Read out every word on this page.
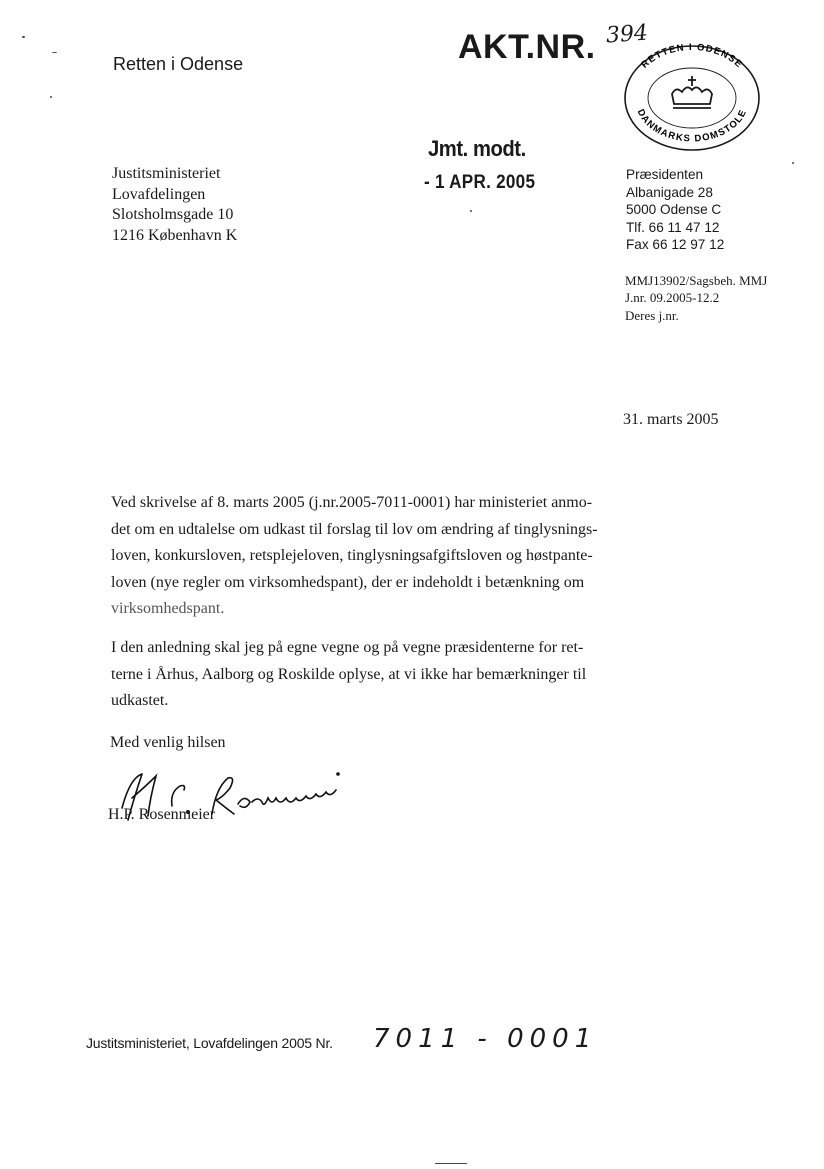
Retten i Odense	AKT.NR. 394
RETTEN I ODENSE
DANMARKS DOMSTOLE
Justitsministeriet
Lovafdelingen
Slotsholmsgade 10
1216 København K
Jmt. modt.
- 1 APR. 2005	Præsidenten
Albanigade 28
5000 Odense C
Tlf. 66 11 47 12
Fax 66 12 97 12
MMJ13902/Sagsbeh. MMJ
J.nr. 09.2005-12.2
Deres j.nr.
31. marts 2005

Ved skrivelse af 8. marts 2005 (j.nr.2005-7011-0001) har ministeriet anmo-

det om en udtalelse om udkast til forslag til lov om ændring af tinglysnings-

loven, konkursloven, retsplejeloven, tinglysningsafgiftsloven og høstpante-

loven (nye regler om virksomhedspant), der er indeholdt i betænkning om

virksomhedspant.

I den anledning skal jeg på egne vegne og på vegne præsidenterne for ret-

terne i Århus, Aalborg og Roskilde oplyse, at vi ikke har bemærkninger til

udkastet.

Med venlig hilsen
H.P. Rosenmeier
Justitsministeriet, Lovafdelingen 2005 Nr. 7011 - 0001
